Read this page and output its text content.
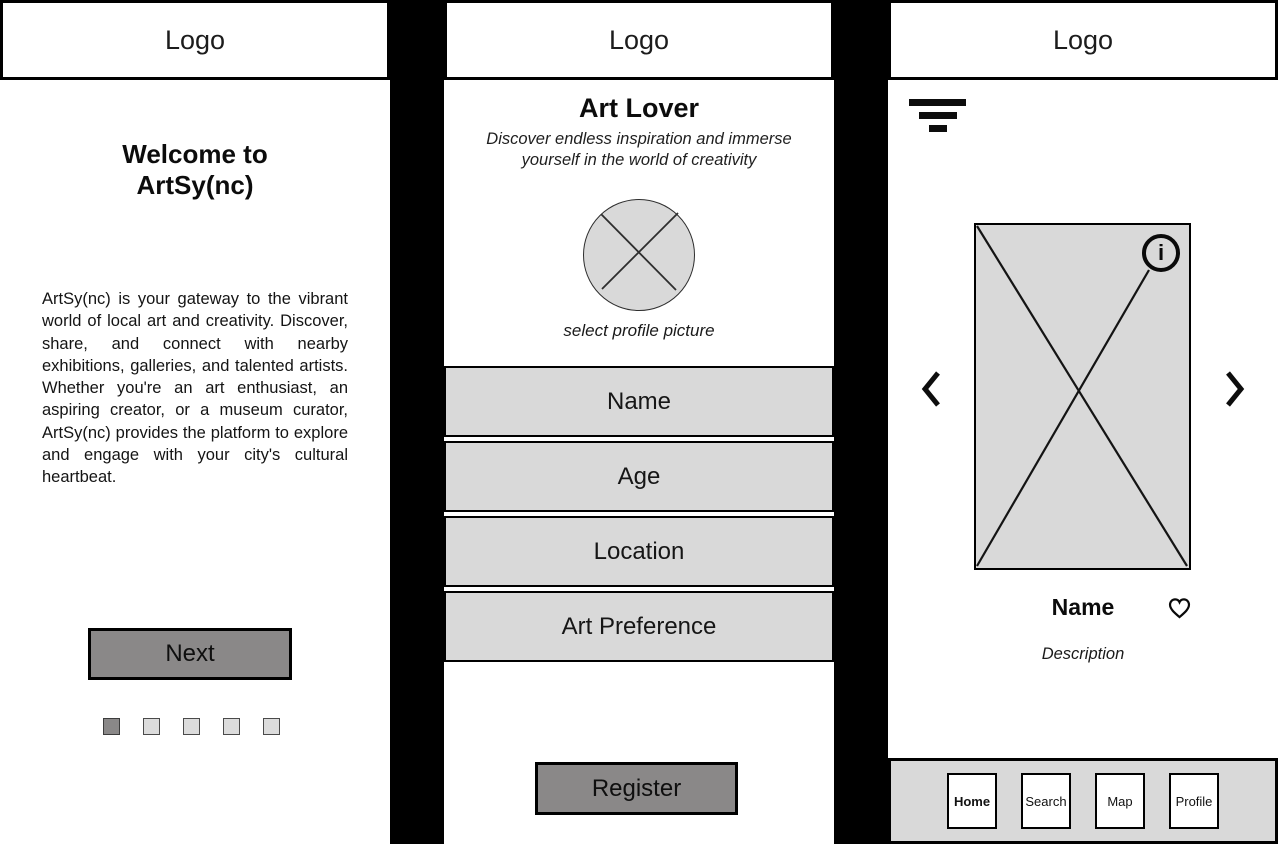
Logo
Welcome to ArtSy(nc)

ArtSy(nc) is your gateway to the vibrant world of local art and creativity. Discover, share, and connect with nearby exhibitions, galleries, and talented artists. Whether you're an art enthusiast, an aspiring creator, or a museum curator, ArtSy(nc) provides the platform to explore and engage with your city's cultural heartbeat.

Next
Logo
Art Lover

Discover endless inspiration and immerse yourself in the world of creativity

select profile picture

Name
Age
Location
Art Preference
Register
Logo
i
Name

Description

Home	Search	Map	Profile
